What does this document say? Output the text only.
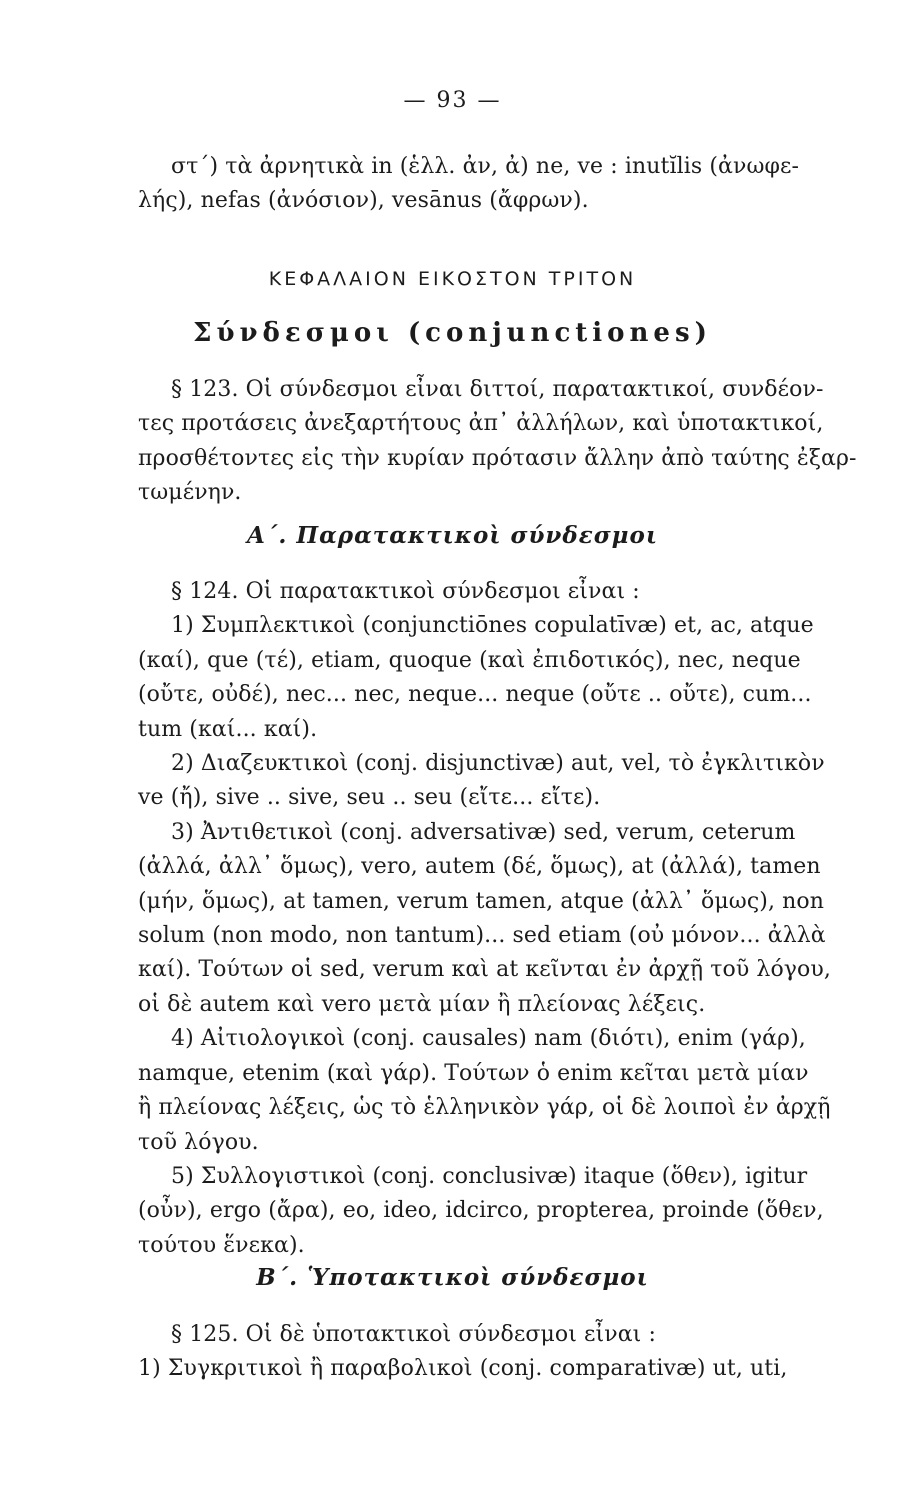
— 93 —
στ΄) τὰ ἀρνητικὰ in (ἑλλ. ἀν, ἀ) ne, ve : inutĭlis (ἀνωφε-
λής), nefas (ἀνόσιον), vesānus (ἄφρων).
ΚΕΦΑΛΑΙΟΝ ΕΙΚΟΣΤΟΝ ΤΡΙΤΟΝ
Σύνδεσμοι (conjunctiones)
§ 123. Οἱ σύνδεσμοι εἶναι διττοί, παρατακτικοί, συνδέον-
τες προτάσεις ἀνεξαρτήτους ἀπ᾽ ἀλλήλων, καὶ ὑποτακτικοί,
προσθέτοντες εἰς τὴν κυρίαν πρότασιν ἄλλην ἀπὸ ταύτης ἐξαρ-
τωμένην.
Α΄. Παρατακτικοὶ σύνδεσμοι
§ 124. Οἱ παρατακτικοὶ σύνδεσμοι εἶναι :
1) Συμπλεκτικοὶ (conjunctiōnes copulatīvæ) et, ac, atque
(καί), que (τέ), etiam, quoque (καὶ ἐπιδοτικός), nec, neque
(οὔτε, οὐδέ), nec... nec, neque... neque (οὔτε .. οὔτε), cum...
tum (καί... καί).
2) Διαζευκτικοὶ (conj. disjunctivæ) aut, vel, τὸ ἐγκλιτικὸν
ve (ἤ), sive .. sive, seu .. seu (εἴτε... εἴτε).
3) Ἀντιθετικοὶ (conj. adversativæ) sed, verum, ceterum
(ἀλλά, ἀλλ᾽ ὅμως), vero, autem (δέ, ὅμως), at (ἀλλά), tamen
(μήν, ὅμως), at tamen, verum tamen, atque (ἀλλ᾽ ὅμως), non
solum (non modo, non tantum)... sed etiam (οὐ μόνον... ἀλλὰ
καί). Τούτων οἱ sed, verum καὶ at κεῖνται ἐν ἀρχῇ τοῦ λόγου,
οἱ δὲ autem καὶ vero μετὰ μίαν ἢ πλείονας λέξεις.
4) Αἰτιολογικοὶ (conj. causales) nam (διότι), enim (γάρ),
namque, etenim (καὶ γάρ). Τούτων ὁ enim κεῖται μετὰ μίαν
ἢ πλείονας λέξεις, ὡς τὸ ἑλληνικὸν γάρ, οἱ δὲ λοιποὶ ἐν ἀρχῇ
τοῦ λόγου.
5) Συλλογιστικοὶ (conj. conclusivæ) itaque (ὅθεν), igitur
(οὖν), ergo (ἄρα), eo, ideo, idcirco, propterea, proinde (ὅθεν,
τούτου ἕνεκα).
Β΄. Ὑποτακτικοὶ σύνδεσμοι
§ 125. Οἱ δὲ ὑποτακτικοὶ σύνδεσμοι εἶναι :
1) Συγκριτικοὶ ἢ παραβολικοὶ (conj. comparativæ) ut, uti,
